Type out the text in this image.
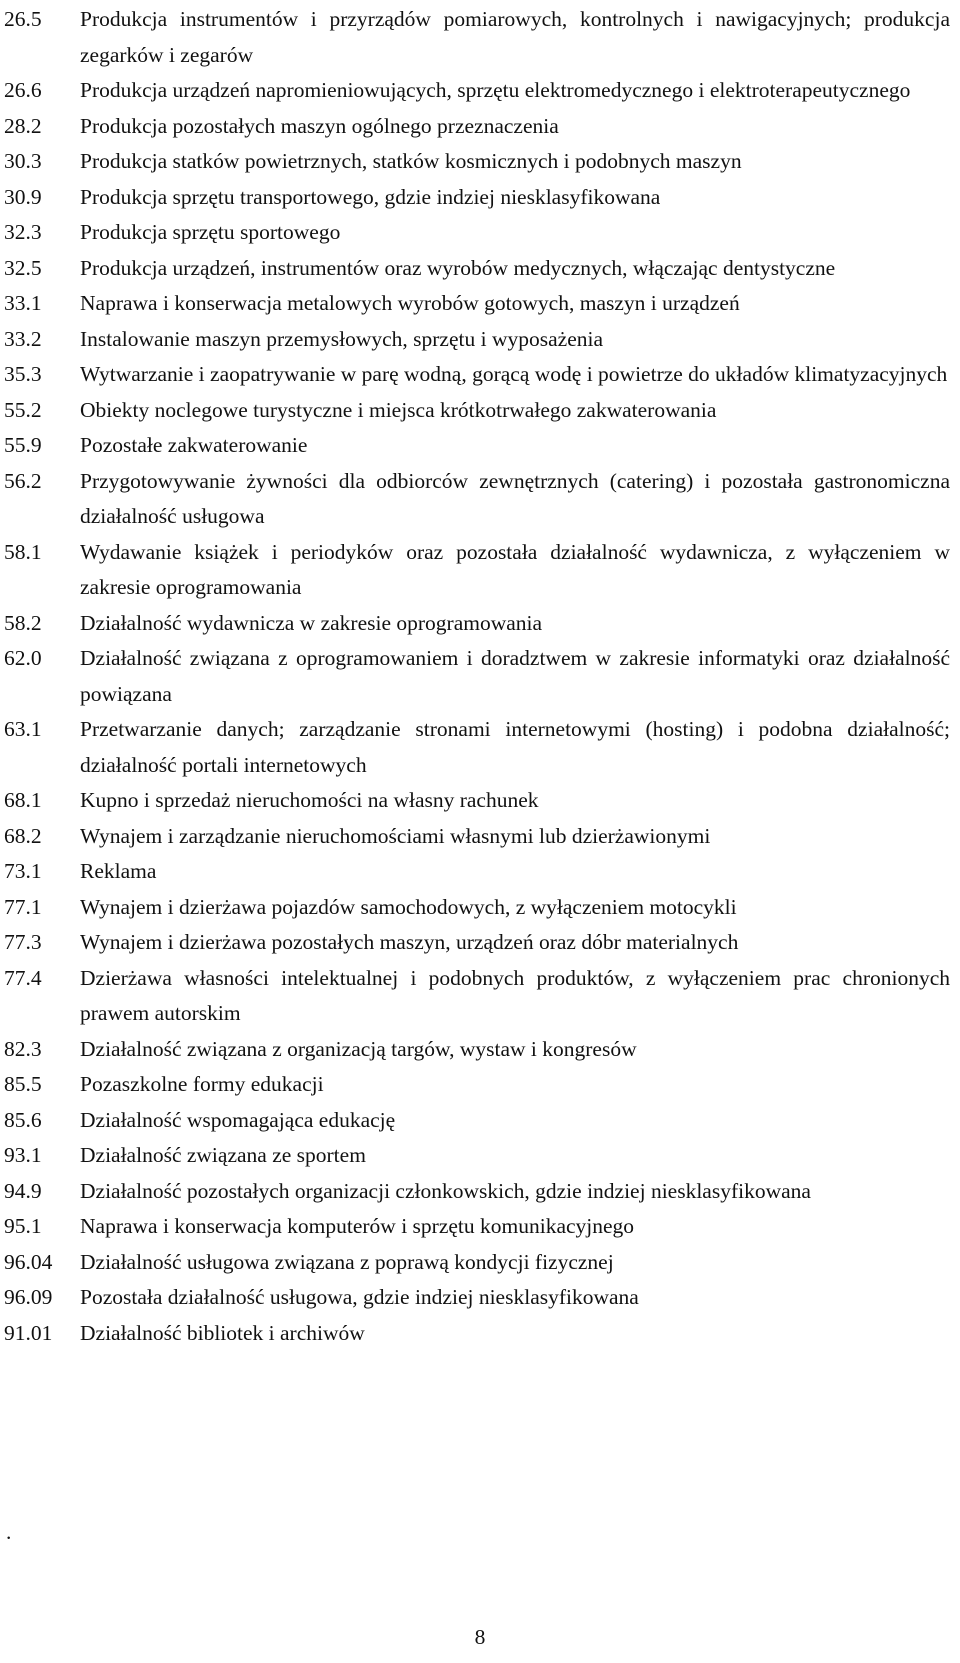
26.5	Produkcja instrumentów i przyrządów pomiarowych, kontrolnych i nawigacyjnych; produkcja zegarków i zegarów
26.6	Produkcja urządzeń napromieniowujących, sprzętu elektromedycznego i elektroterapeutycznego
28.2	Produkcja pozostałych maszyn ogólnego przeznaczenia
30.3	Produkcja statków powietrznych, statków kosmicznych i podobnych maszyn
30.9	Produkcja sprzętu transportowego, gdzie indziej niesklasyfikowana
32.3	Produkcja sprzętu sportowego
32.5	Produkcja urządzeń, instrumentów oraz wyrobów medycznych, włączając dentystyczne
33.1	Naprawa i konserwacja metalowych wyrobów gotowych, maszyn i urządzeń
33.2	Instalowanie maszyn przemysłowych, sprzętu i wyposażenia
35.3	Wytwarzanie i zaopatrywanie w parę wodną, gorącą wodę i powietrze do układów klimatyzacyjnych
55.2	Obiekty noclegowe turystyczne i miejsca krótkotrwałego zakwaterowania
55.9	Pozostałe zakwaterowanie
56.2	Przygotowywanie żywności dla odbiorców zewnętrznych (catering) i pozostała gastronomiczna działalność usługowa
58.1	Wydawanie książek i periodyków oraz pozostała działalność wydawnicza, z wyłączeniem w zakresie oprogramowania
58.2	Działalność wydawnicza w zakresie oprogramowania
62.0	Działalność związana z oprogramowaniem i doradztwem w zakresie informatyki oraz działalność powiązana
63.1	Przetwarzanie danych; zarządzanie stronami internetowymi (hosting) i podobna działalność; działalność portali internetowych
68.1	Kupno i sprzedaż nieruchomości na własny rachunek
68.2	Wynajem i zarządzanie nieruchomościami własnymi lub dzierżawionymi
73.1	Reklama
77.1	Wynajem i dzierżawa pojazdów samochodowych, z wyłączeniem motocykli
77.3	Wynajem i dzierżawa pozostałych maszyn, urządzeń oraz dóbr materialnych
77.4	Dzierżawa własności intelektualnej i podobnych produktów, z wyłączeniem prac chronionych prawem autorskim
82.3	Działalność związana z organizacją targów, wystaw i kongresów
85.5	Pozaszkolne formy edukacji
85.6	Działalność wspomagająca edukację
93.1	Działalność związana ze sportem
94.9	Działalność pozostałych organizacji członkowskich, gdzie indziej niesklasyfikowana
95.1	Naprawa i konserwacja komputerów i sprzętu komunikacyjnego
96.04	Działalność usługowa związana z poprawą kondycji fizycznej
96.09	Pozostała działalność usługowa, gdzie indziej niesklasyfikowana
91.01	Działalność bibliotek i archiwów
.
8
